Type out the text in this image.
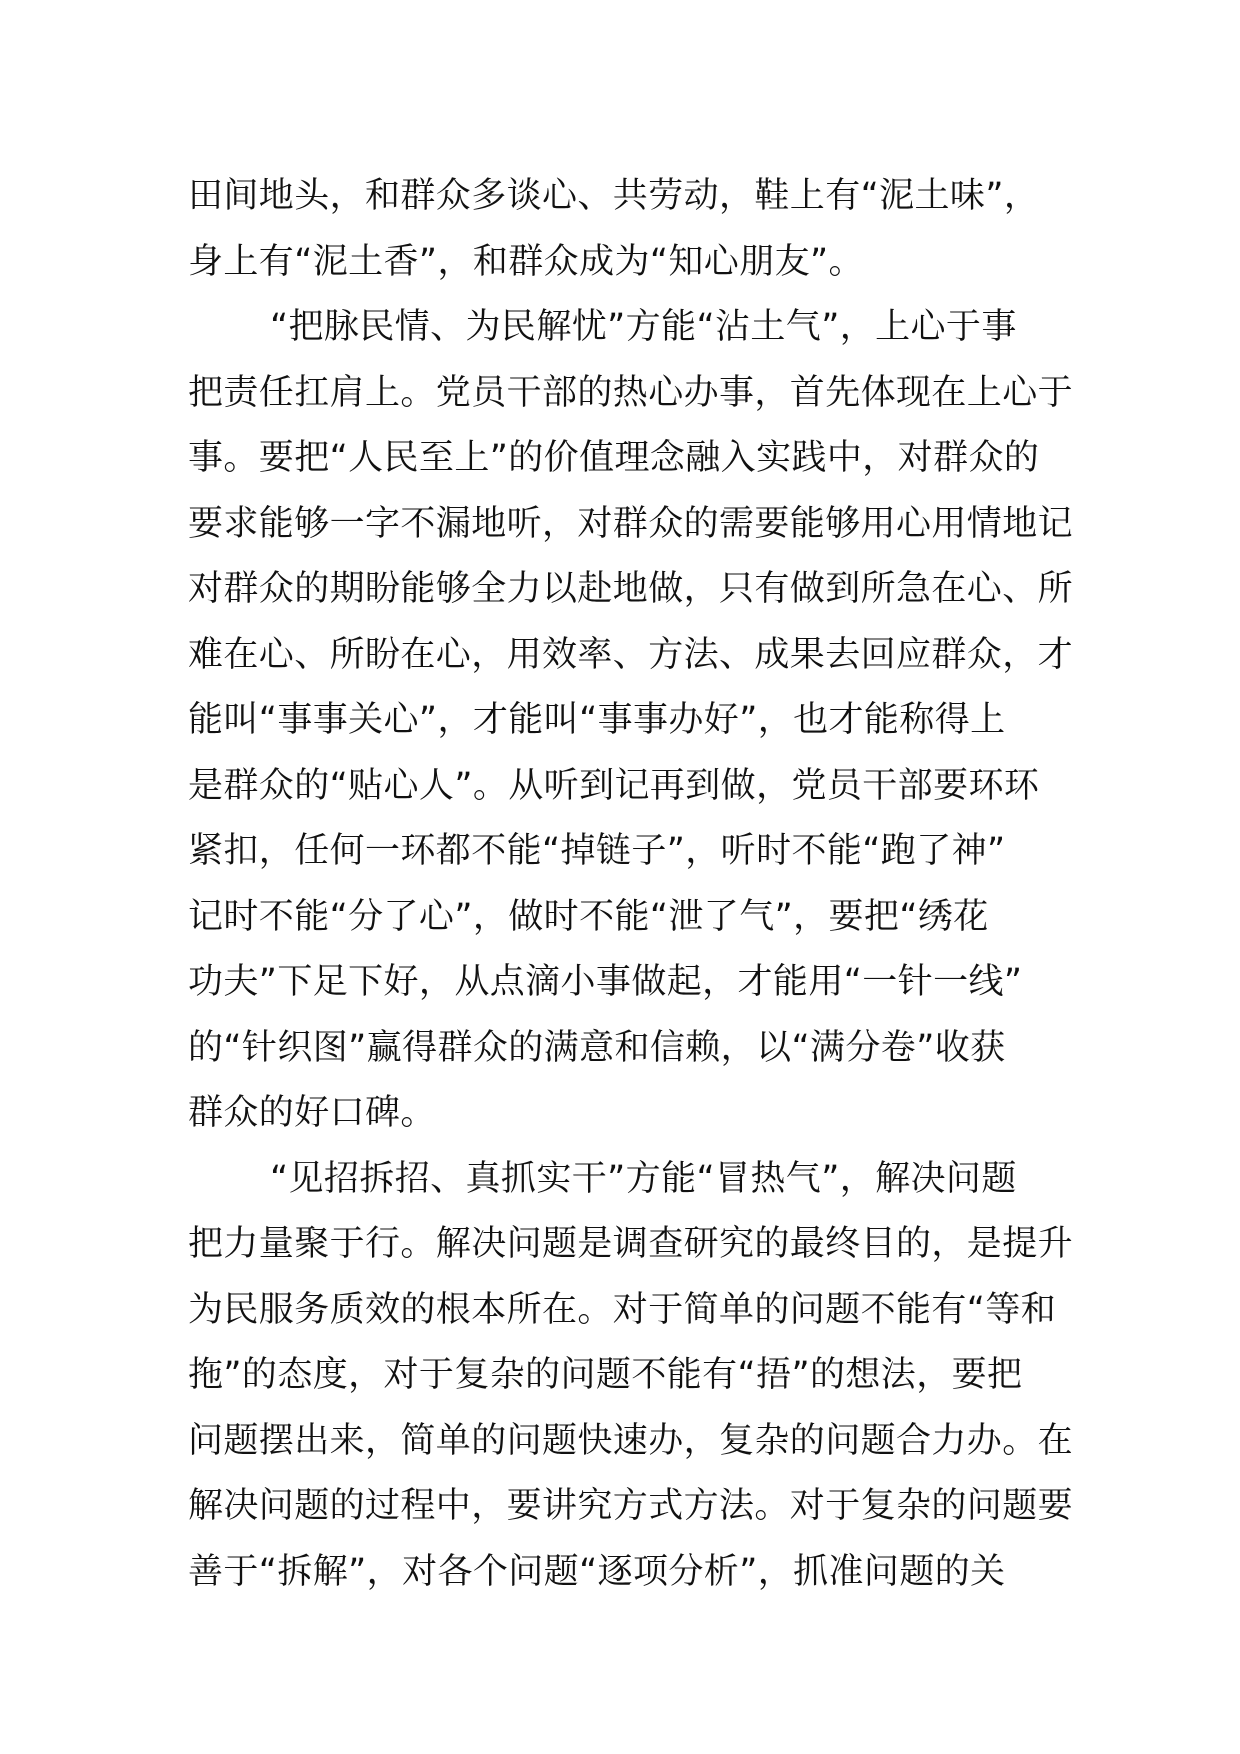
田间地头，和群众多谈心、共劳动，鞋上有“泥土味”，
身上有“泥土香”，和群众成为“知心朋友”。
“把脉民情、为民解忧”方能“沾土气”，上心于事
把责任扛肩上。党员干部的热心办事，首先体现在上心于
事。要把“人民至上”的价值理念融入实践中，对群众的
要求能够一字不漏地听，对群众的需要能够用心用情地记
对群众的期盼能够全力以赴地做，只有做到所急在心、所
难在心、所盼在心，用效率、方法、成果去回应群众，才
能叫“事事关心”，才能叫“事事办好”，也才能称得上
是群众的“贴心人”。从听到记再到做，党员干部要环环
紧扣，任何一环都不能“掉链子”，听时不能“跑了神”
记时不能“分了心”，做时不能“泄了气”，要把“绣花
功夫”下足下好，从点滴小事做起，才能用“一针一线”
的“针织图”赢得群众的满意和信赖，以“满分卷”收获
群众的好口碑。
“见招拆招、真抓实干”方能“冒热气”，解决问题
把力量聚于行。解决问题是调查研究的最终目的，是提升
为民服务质效的根本所在。对于简单的问题不能有“等和
拖”的态度，对于复杂的问题不能有“捂”的想法，要把
问题摆出来，简单的问题快速办，复杂的问题合力办。在
解决问题的过程中，要讲究方式方法。对于复杂的问题要
善于“拆解”，对各个问题“逐项分析”，抓准问题的关
